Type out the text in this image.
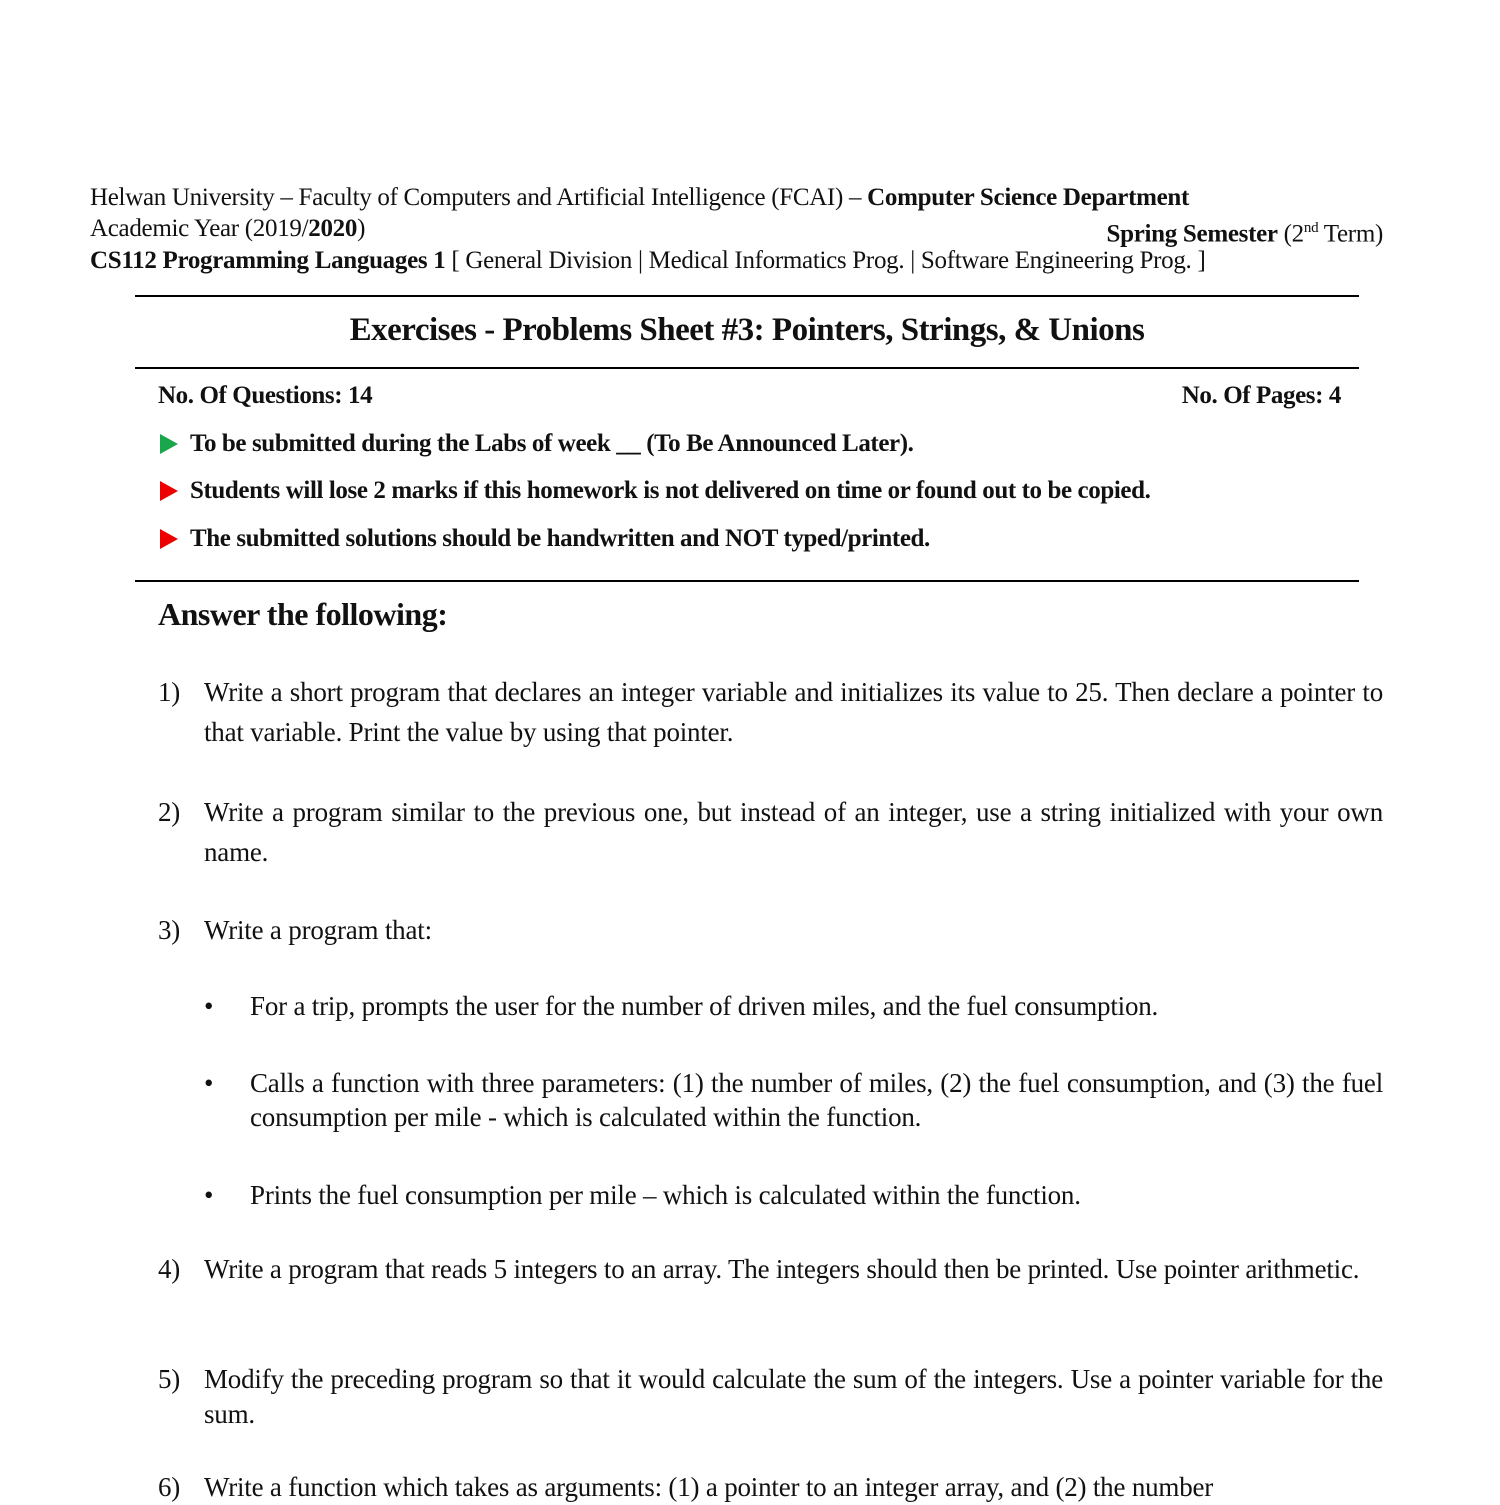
Helwan University – Faculty of Computers and Artificial Intelligence (FCAI) – Computer Science Department
Academic Year (2019/2020)	Spring Semester (2nd Term)
CS112 Programming Languages 1 [ General Division | Medical Informatics Prog. | Software Engineering Prog. ]
Exercises - Problems Sheet #3: Pointers, Strings, & Unions
No. Of Questions: 14	No. Of Pages: 4
To be submitted during the Labs of week __ (To Be Announced Later).
Students will lose 2 marks if this homework is not delivered on time or found out to be copied.
The submitted solutions should be handwritten and NOT typed/printed.
Answer the following:
1) Write a short program that declares an integer variable and initializes its value to 25. Then declare a pointer to that variable. Print the value by using that pointer.
2) Write a program similar to the previous one, but instead of an integer, use a string initialized with your own name.
3) Write a program that:
•	For a trip, prompts the user for the number of driven miles, and the fuel consumption.
•	Calls a function with three parameters: (1) the number of miles, (2) the fuel consumption, and (3) the fuel consumption per mile - which is calculated within the function.
•	Prints the fuel consumption per mile – which is calculated within the function.
4) Write a program that reads 5 integers to an array. The integers should then be printed. Use pointer arithmetic.
5) Modify the preceding program so that it would calculate the sum of the integers. Use a pointer variable for the sum.
6) Write a function which takes as arguments: (1) a pointer to an integer array, and (2) the number
